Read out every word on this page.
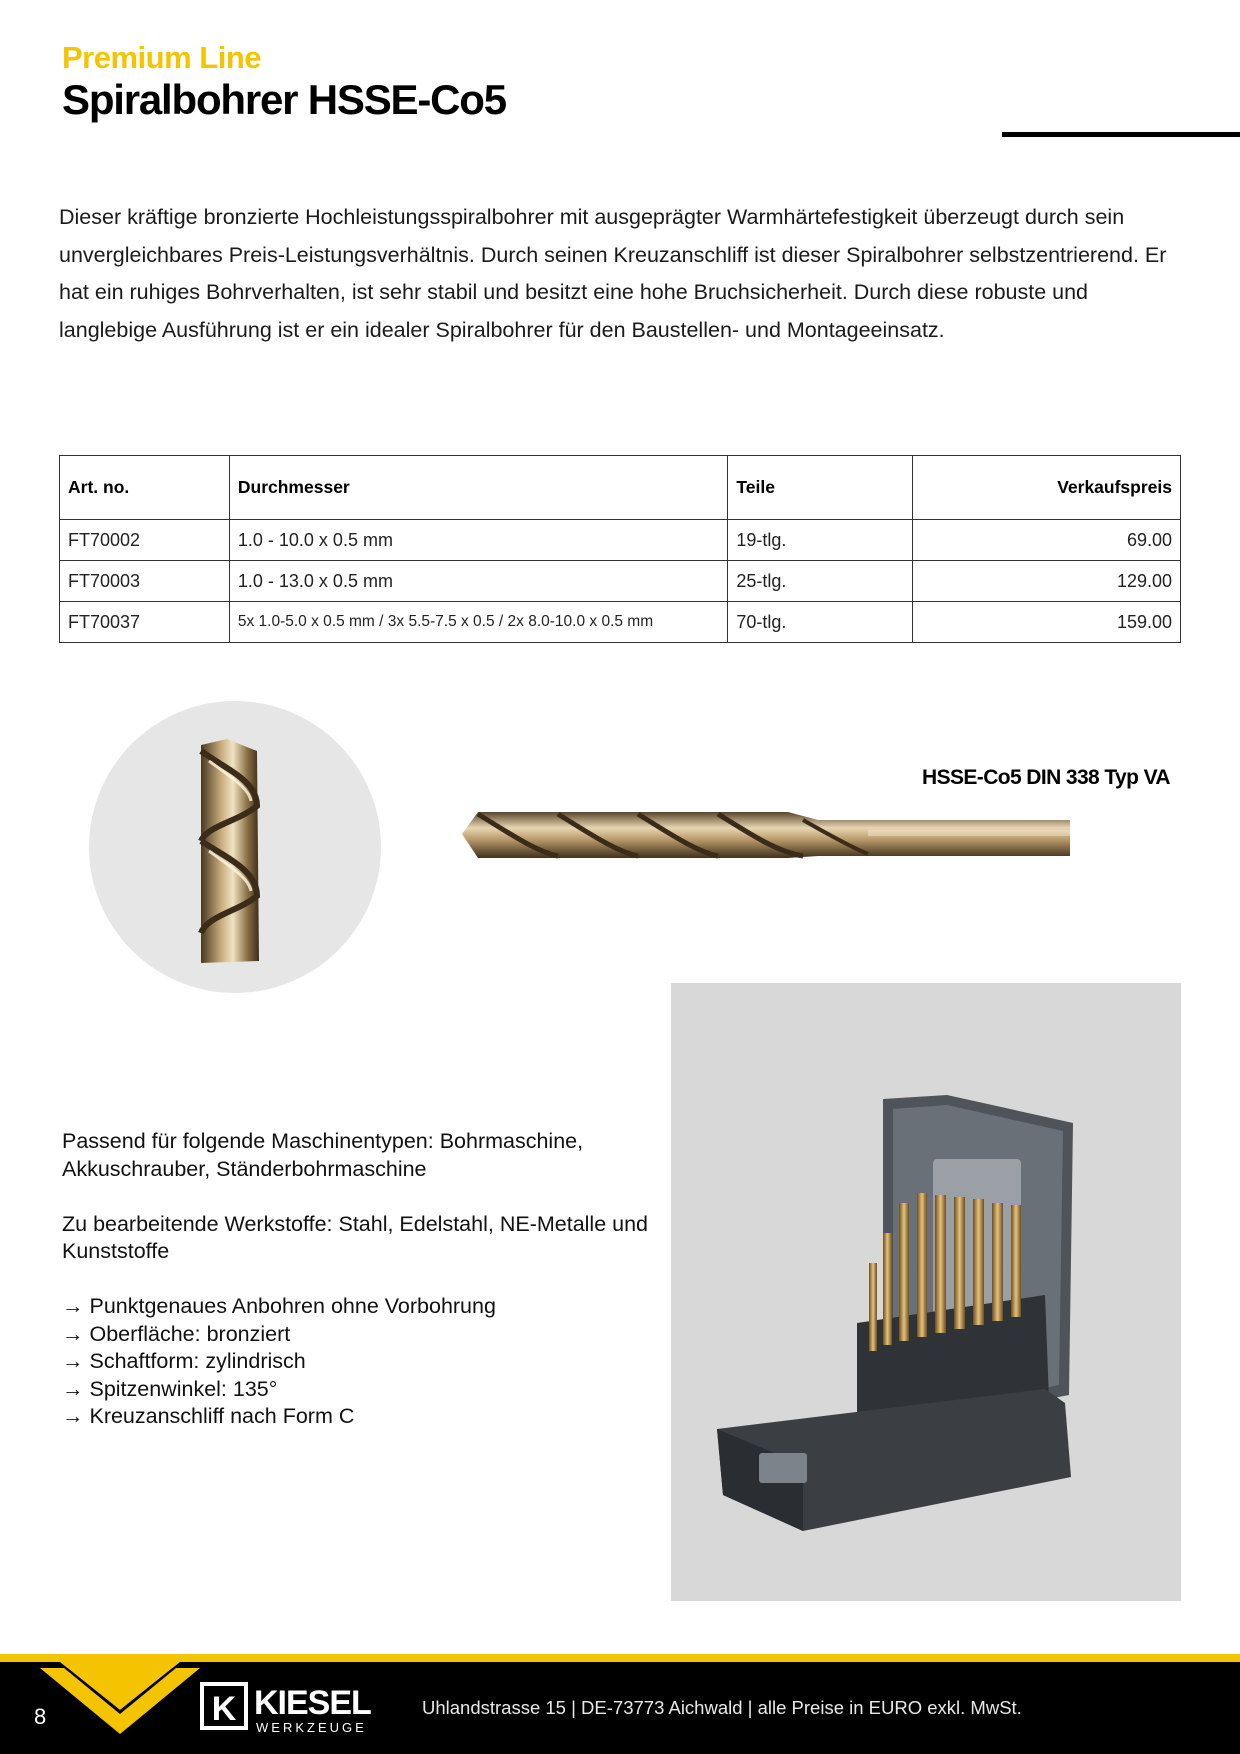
Premium Line
Spiralbohrer HSSE-Co5

Dieser kräftige bronzierte Hochleistungsspiralbohrer mit ausgeprägter Warmhärtefestigkeit überzeugt durch sein unvergleichbares Preis-Leistungsverhältnis. Durch seinen Kreuzanschliff ist dieser Spiralbohrer selbstzentrierend. Er hat ein ruhiges Bohrverhalten, ist sehr stabil und besitzt eine hohe Bruchsicherheit. Durch diese robuste und langlebige Ausführung ist er ein idealer Spiralbohrer für den Baustellen- und Montageeinsatz.

Art. no.	Durchmesser	Teile	Verkaufspreis
FT70002	1.0 - 10.0 x 0.5 mm	19-tlg.	69.00
FT70003	1.0 - 13.0 x 0.5 mm	25-tlg.	129.00
FT70037	5x 1.0-5.0 x 0.5 mm / 3x 5.5-7.5 x 0.5 / 2x 8.0-10.0 x 0.5 mm	70-tlg.	159.00
HSSE-Co5 DIN 338 Typ VA

Passend für folgende Maschinentypen: Bohrmaschine, Akkuschrauber, Ständerbohrmaschine

Zu bearbeitende Werkstoffe: Stahl, Edelstahl, NE-Metalle und Kunststoffe

→ Punktgenaues Anbohren ohne Vorbohrung

→ Oberfläche: bronziert

→ Schaftform: zylindrisch

→ Spitzenwinkel: 135°

→ Kreuzanschliff nach Form C

8	K KIESEL
WERKZEUGE
Uhlandstrasse 15 | DE-73773 Aichwald | alle Preise in EURO exkl. MwSt.
